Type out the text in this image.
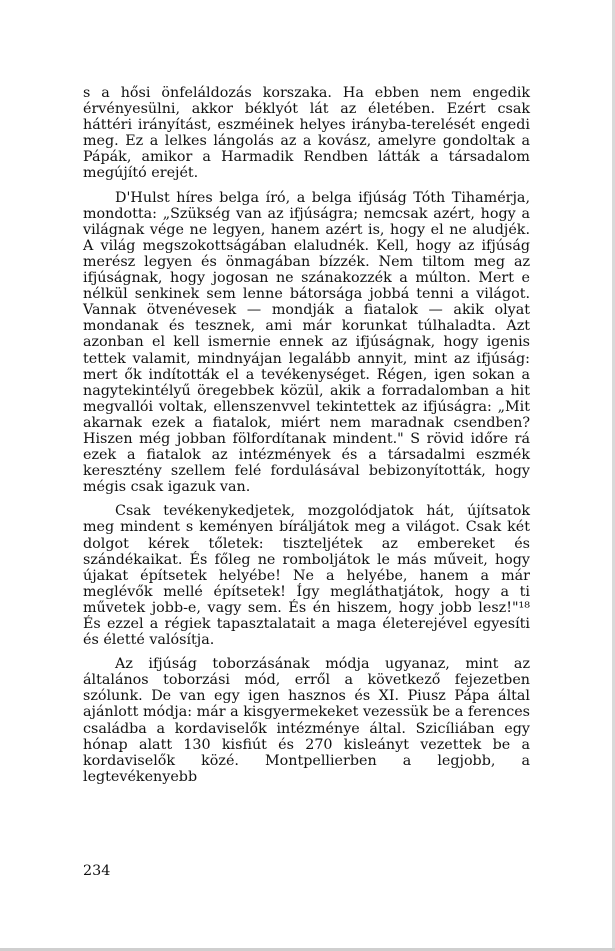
s a hősi önfeláldozás korszaka. Ha ebben nem engedik érvényesülni, akkor béklyót lát az életében. Ezért csak háttéri irányítást, eszméinek helyes irányba-terelését engedi meg. Ez a lelkes lángolás az a kovász, amelyre gondoltak a Pápák, amikor a Harmadik Rendben látták a társadalom megújító erejét.

D'Hulst híres belga író, a belga ifjúság Tóth Tihamérja, mondotta: „Szükség van az ifjúságra; nemcsak azért, hogy a világnak vége ne legyen, hanem azért is, hogy el ne aludjék. A világ megszokottságában elaludnék. Kell, hogy az ifjúság merész legyen és önmagában bízzék. Nem tiltom meg az ifjúságnak, hogy jogosan ne szánakozzék a múlton. Mert e nélkül senkinek sem lenne bátorsága jobbá tenni a világot. Vannak ötvenévesek — mondják a fiatalok — akik olyat mondanak és tesznek, ami már korunkat túlhaladta. Azt azonban el kell ismernie ennek az ifjúságnak, hogy igenis tettek valamit, mindnyájan legalább annyit, mint az ifjúság: mert ők indították el a tevékenységet. Régen, igen sokan a nagytekintélyű öregebbek közül, akik a forradalomban a hit megvallói voltak, ellenszenvvel tekintettek az ifjúságra: „Mit akarnak ezek a fiatalok, miért nem maradnak csendben? Hiszen még jobban fölfordítanak mindent." S rövid időre rá ezek a fiatalok az intézmények és a társadalmi eszmék keresztény szellem felé fordulásával bebizonyították, hogy mégis csak igazuk van.

Csak tevékenykedjetek, mozgolódjatok hát, újítsatok meg mindent s keményen bíráljátok meg a világot. Csak két dolgot kérek tőletek: tiszteljétek az embereket és szándékaikat. És főleg ne romboljátok le más műveit, hogy újakat építsetek helyébe! Ne a helyébe, hanem a már meglévők mellé építsetek! Így megláthatjátok, hogy a ti művetek jobb-e, vagy sem. És én hiszem, hogy jobb lesz!"¹⁸ És ezzel a régiek tapasztalatait a maga életerejével egyesíti és életté valósítja.

Az ifjúság toborzásának módja ugyanaz, mint az általános toborzási mód, erről a következő fejezetben szólunk. De van egy igen hasznos és XI. Piusz Pápa által ajánlott módja: már a kisgyermekeket vezessük be a ferences családba a kordaviselők intézménye által. Szicíliában egy hónap alatt 130 kisfiút és 270 kisleányt vezettek be a kordaviselők közé. Montpellierben a legjobb, a legtevékenyebb

234
